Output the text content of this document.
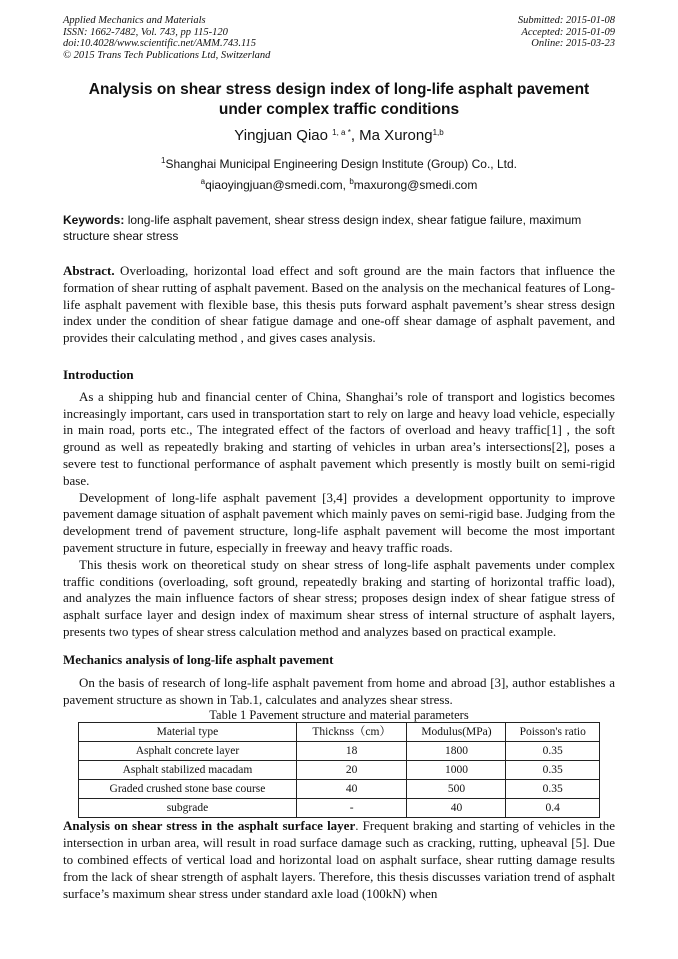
Applied Mechanics and Materials
ISSN: 1662-7482, Vol. 743, pp 115-120
doi:10.4028/www.scientific.net/AMM.743.115
© 2015 Trans Tech Publications Ltd, Switzerland
Submitted: 2015-01-08
Accepted: 2015-01-09
Online: 2015-03-23
Analysis on shear stress design index of long-life asphalt pavement under complex traffic conditions
Yingjuan Qiao $^{1, a *}$, Ma Xurong$^{1,b}$
$^1$Shanghai Municipal Engineering Design Institute (Group) Co., Ltd.
$^a$qiaoyingjuan@smedi.com, $^b$maxurong@smedi.com
Keywords: long-life asphalt pavement, shear stress design index, shear fatigue failure, maximum structure shear stress

Abstract. Overloading, horizontal load effect and soft ground are the main factors that influence the formation of shear rutting of asphalt pavement. Based on the analysis on the mechanical features of Long-life asphalt pavement with flexible base, this thesis puts forward asphalt pavement’s shear stress design index under the condition of shear fatigue damage and one-off shear damage of asphalt pavement, and provides their calculating method , and gives cases analysis.

Introduction

As a shipping hub and financial center of China, Shanghai’s role of transport and logistics becomes increasingly important, cars used in transportation start to rely on large and heavy load vehicle, especially in main road, ports etc., The integrated effect of the factors of overload and heavy traffic[1] , the soft ground as well as repeatedly braking and starting of vehicles in urban area’s intersections[2], poses a severe test to functional performance of asphalt pavement which presently is mostly built on semi-rigid base.

Development of long-life asphalt pavement [3,4] provides a development opportunity to improve pavement damage situation of asphalt pavement which mainly paves on semi-rigid base. Judging from the development trend of pavement structure, long-life asphalt pavement will become the most important pavement structure in future, especially in freeway and heavy traffic roads.

This thesis work on theoretical study on shear stress of long-life asphalt pavements under complex traffic conditions (overloading, soft ground, repeatedly braking and starting of horizontal traffic load), and analyzes the main influence factors of shear stress; proposes design index of shear fatigue stress of asphalt surface layer and design index of maximum shear stress of internal structure of asphalt layers, presents two types of shear stress calculation method and analyzes based on practical example.

Mechanics analysis of long-life asphalt pavement

On the basis of research of long-life asphalt pavement from home and abroad [3], author establishes a pavement structure as shown in Tab.1, calculates and analyzes shear stress.

Table 1 Pavement structure and material parameters
Material type	Thicknss（cm）	Modulus(MPa)	Poisson's ratio
Asphalt concrete layer	18	1800	0.35
Asphalt stabilized macadam	20	1000	0.35
Graded crushed stone base course	40	500	0.35
subgrade	-	40	0.4

Analysis on shear stress in the asphalt surface layer. Frequent braking and starting of vehicles in the intersection in urban area, will result in road surface damage such as cracking, rutting, upheaval [5]. Due to combined effects of vertical load and horizontal load on asphalt surface, shear rutting damage results from the lack of shear strength of asphalt layers. Therefore, this thesis discusses variation trend of asphalt surface’s maximum shear stress under standard axle load (100kN) when
